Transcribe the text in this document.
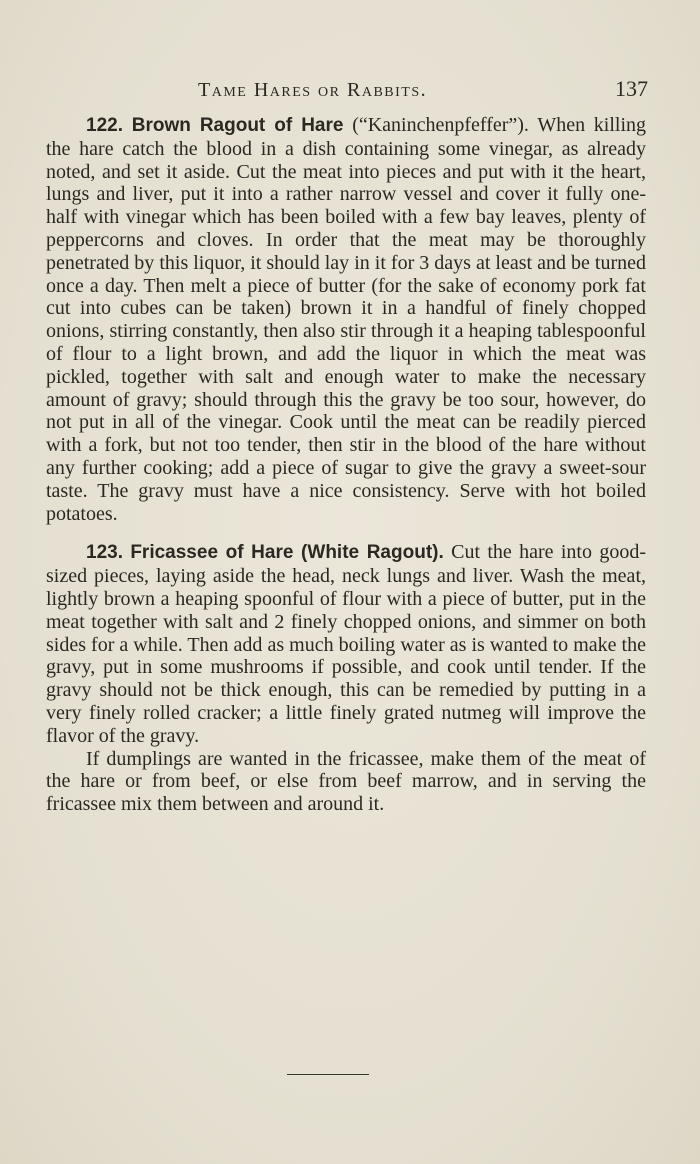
Tame Hares or Rabbits.	137

122. Brown Ragout of Hare (“Kaninchenpfeffer”). When killing the hare catch the blood in a dish containing some vinegar, as already noted, and set it aside. Cut the meat into pieces and put with it the heart, lungs and liver, put it into a rather narrow vessel and cover it fully one-half with vinegar which has been boiled with a few bay leaves, plenty of peppercorns and cloves. In order that the meat may be thoroughly penetrated by this liquor, it should lay in it for 3 days at least and be turned once a day. Then melt a piece of butter (for the sake of economy pork fat cut into cubes can be taken) brown it in a handful of finely chopped onions, stirring constantly, then also stir through it a heaping tablespoonful of flour to a light brown, and add the liquor in which the meat was pickled, together with salt and enough water to make the necessary amount of gravy; should through this the gravy be too sour, however, do not put in all of the vinegar. Cook until the meat can be readily pierced with a fork, but not too tender, then stir in the blood of the hare without any further cooking; add a piece of sugar to give the gravy a sweet-sour taste. The gravy must have a nice consistency. Serve with hot boiled potatoes.

123. Fricassee of Hare (White Ragout). Cut the hare into good-sized pieces, laying aside the head, neck lungs and liver. Wash the meat, lightly brown a heaping spoonful of flour with a piece of butter, put in the meat together with salt and 2 finely chopped onions, and simmer on both sides for a while. Then add as much boiling water as is wanted to make the gravy, put in some mushrooms if possible, and cook until tender. If the gravy should not be thick enough, this can be remedied by putting in a very finely rolled cracker; a little finely grated nutmeg will improve the flavor of the gravy.

If dumplings are wanted in the fricassee, make them of the meat of the hare or from beef, or else from beef marrow, and in serving the fricassee mix them between and around it.
